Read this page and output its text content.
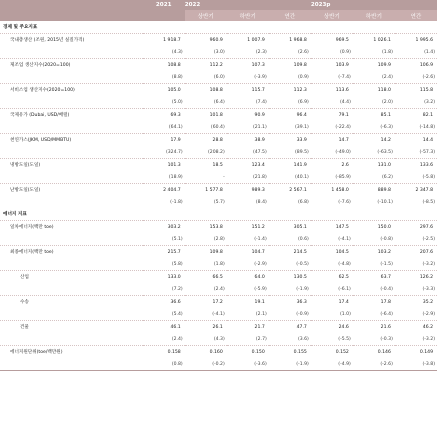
	2021	2022			2023p		
		상반기	하반기	연간	상반기	하반기	연간
경제 및 주요지표							
국내총생산 (조원, 2015년 실질가격)	1 918.7	960.9	1 007.9	1 968.8	969.5	1 026.1	1 995.6
	(4.3)	(3.0)	(2.3)	(2.6)	(0.9)	(1.8)	(1.4)
제조업 생산지수(2020=100)	108.8	112.2	107.3	109.8	103.9	109.9	106.9
	(8.8)	(6.0)	(-3.9)	(0.9)	(-7.4)	(2.4)	(-2.6)
서비스업 생산지수(2020=100)	105.0	108.8	115.7	112.3	113.6	118.0	115.8
	(5.0)	(6.4)	(7.4)	(6.9)	(4.4)	(2.0)	(3.2)
국제유가 (Dubai, USD/배럴)	69.3	101.8	90.9	96.4	79.1	85.1	82.1
	(64.1)	(60.4)	(21.1)	(39.1)	(-22.4)	(-6.3)	(-14.8)
천연가스(JKM, USD/MMBTU)	17.9	28.8	38.9	33.9	14.7	14.2	14.4
	(324.7)	(208.2)	(47.5)	(89.5)	(-49.0)	(-63.5)	(-57.3)
냉방도일(도일)	101.3	18.5	123.4	141.9	2.6	131.0	133.6
	(18.9)	-	(21.8)	(40.1)	(-85.9)	(6.2)	(-5.8)
난방도일(도일)	2 404.7	1 577.8	989.3	2 567.1	1 458.0	889.8	2 347.8
	(-1.8)	(5.7)	(8.4)	(6.8)	(-7.6)	(-10.1)	(-8.5)
에너지 지표							
일차에너지(백만 toe)	303.2	153.8	151.2	305.1	147.5	150.0	297.6
	(5.1)	(2.8)	(-1.4)	(0.6)	(-4.1)	(-0.8)	(-2.5)
최종에너지(백만 toe)	215.7	109.8	104.7	214.5	104.5	103.2	207.6
	(5.8)	(1.8)	(-2.9)	(-0.5)	(-4.8)	(-1.5)	(-3.2)
산업	133.0	66.5	64.0	130.5	62.5	63.7	126.2
	(7.2)	(2.4)	(-5.9)	(-1.9)	(-6.1)	(-0.4)	(-3.3)
수송	36.6	17.2	19.1	36.3	17.4	17.8	35.2
	(5.4)	(-4.1)	(2.1)	(-0.9)	(1.0)	(-6.4)	(-2.9)
건물	46.1	26.1	21.7	47.7	24.6	21.6	46.2
	(2.4)	(4.3)	(2.7)	(3.6)	(-5.5)	(-0.3)	(-3.2)
에너지원단위(toe/백만원)	0.158	0.160	0.150	0.155	0.152	0.146	0.149
	(0.8)	(-0.2)	(-3.6)	(-1.9)	(-4.9)	(-2.6)	(-3.8)
